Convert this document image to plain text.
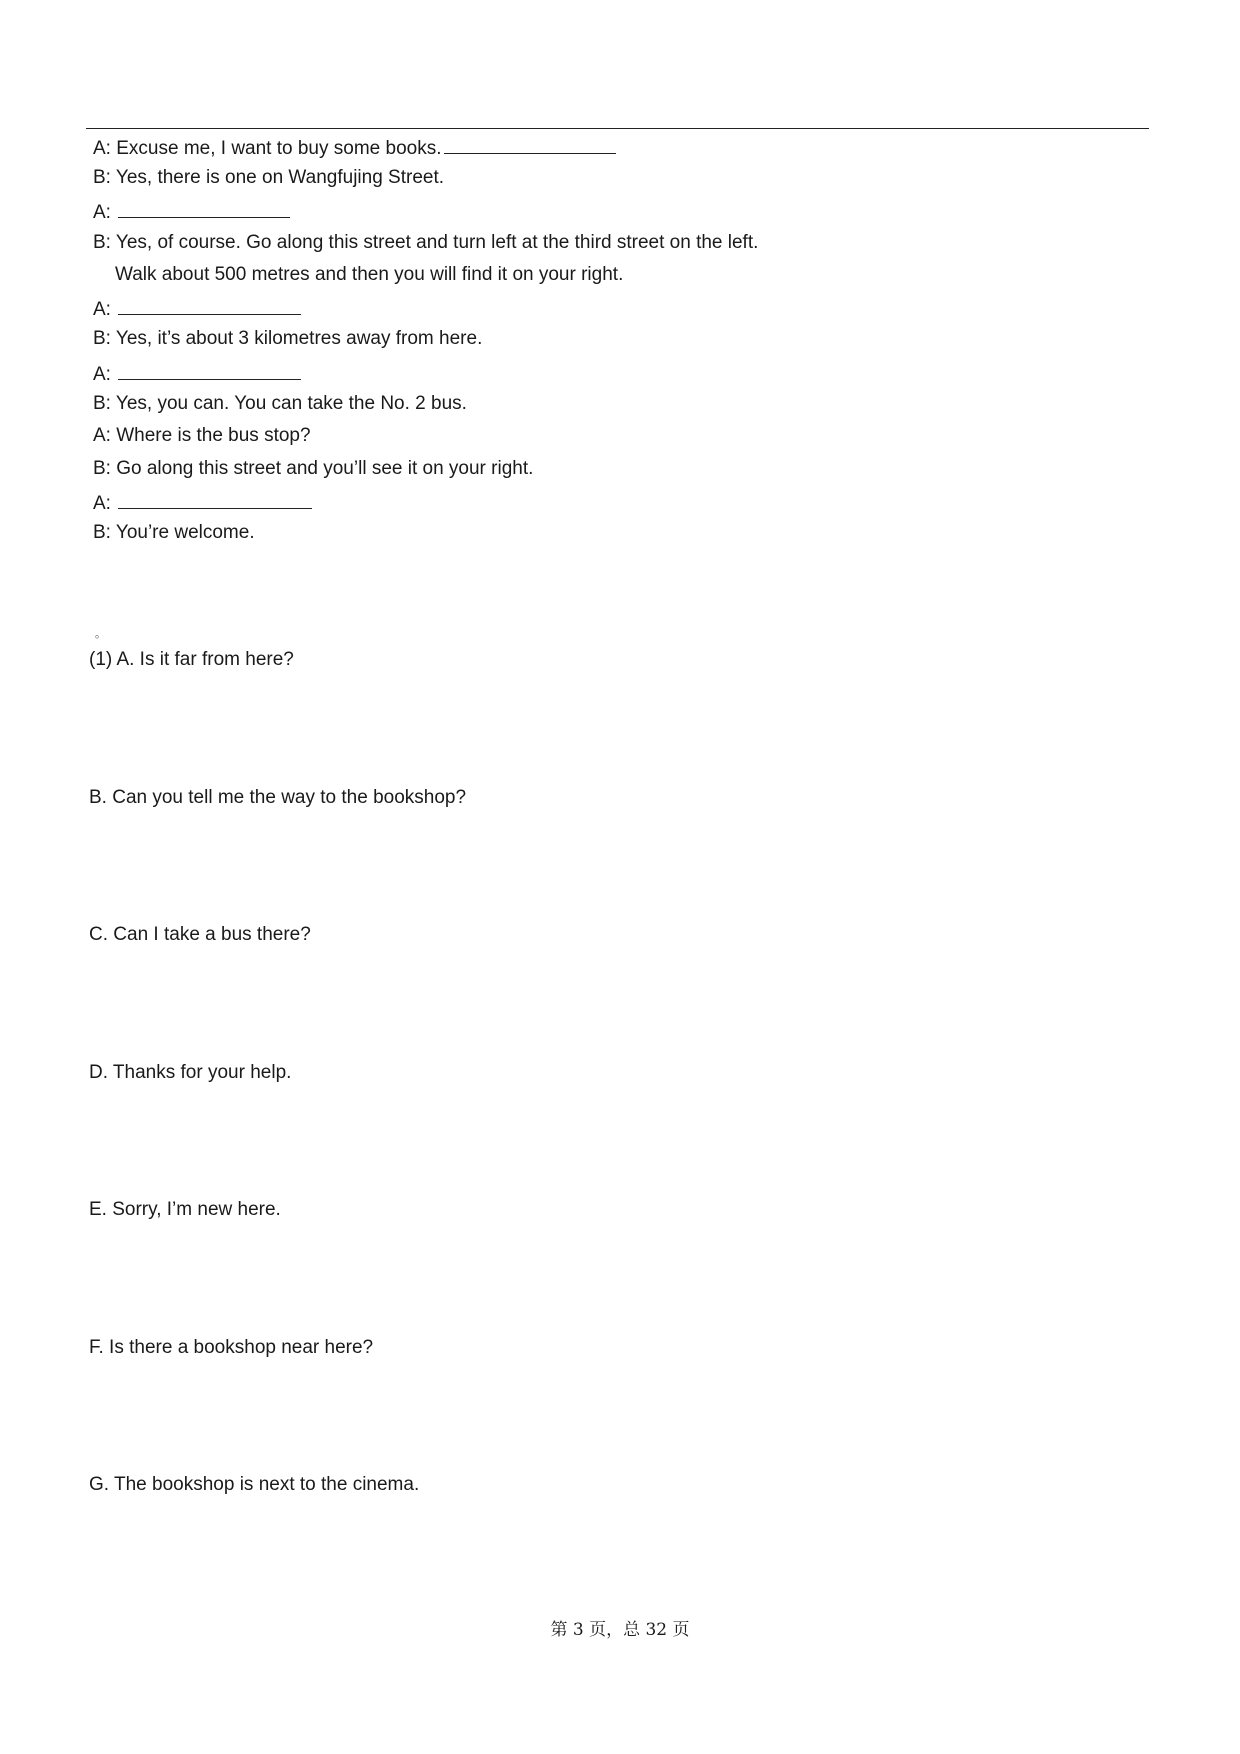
A: Excuse me, I want to buy some books.
B: Yes, there is one on Wangfujing Street.
A:
B: Yes, of course. Go along this street and turn left at the third street on the left.
Walk about 500 metres and then you will find it on your right.
A:
B: Yes, it’s about 3 kilometres away from here.
A:
B: Yes, you can. You can take the No. 2 bus.
A: Where is the bus stop?
B: Go along this street and you’ll see it on your right.
A:
B: You’re welcome.
。
(1) A. Is it far from here?
B. Can you tell me the way to the bookshop?
C. Can I take a bus there?
D. Thanks for your help.
E. Sorry, I’m new here.
F. Is there a bookshop near here?
G. The bookshop is next to the cinema.
第 3 页，总 32 页
